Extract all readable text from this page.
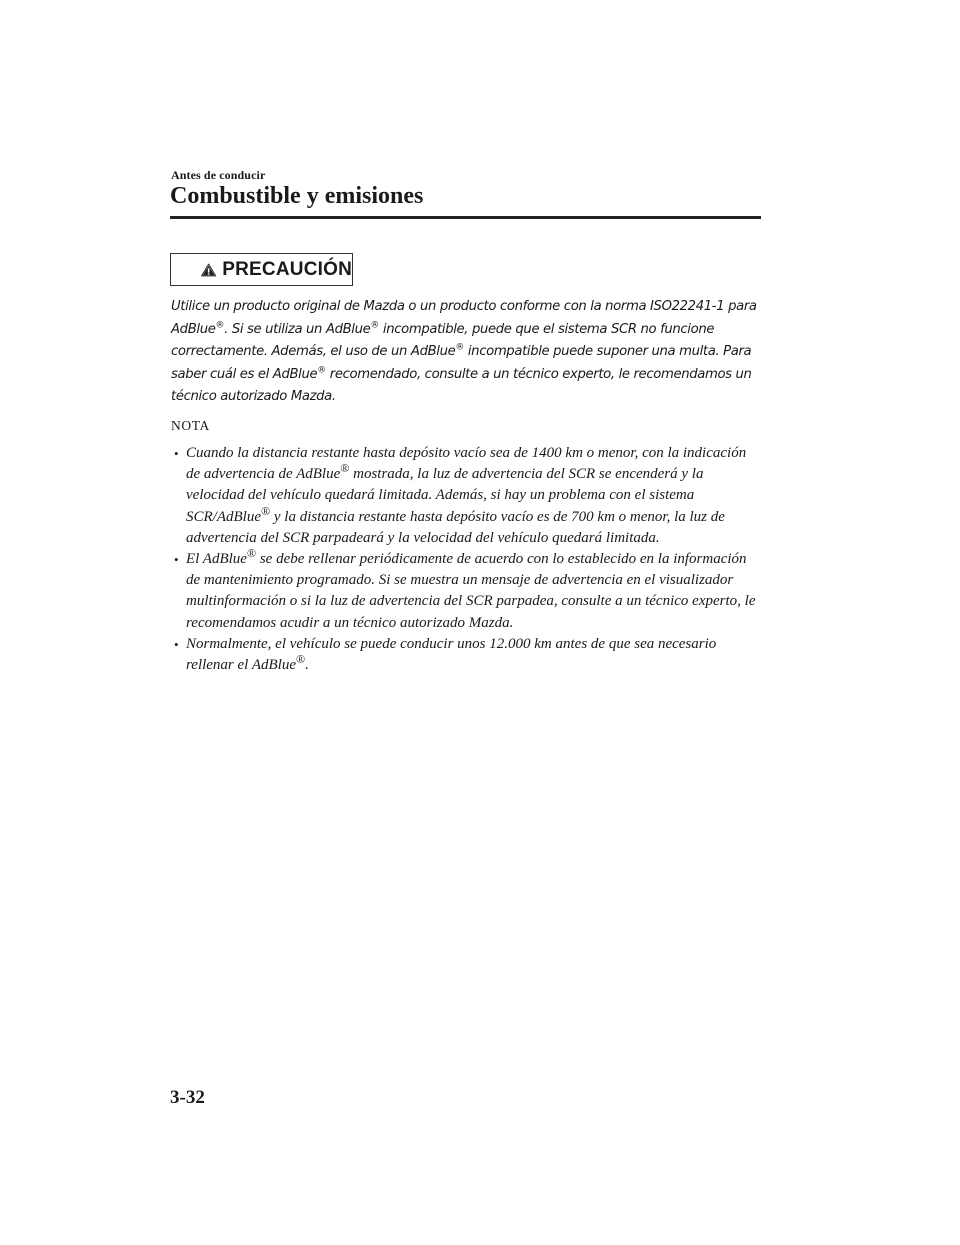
Antes de conducir
Combustible y emisiones
PRECAUCIÓN
Utilice un producto original de Mazda o un producto conforme con la norma ISO22241-1 para AdBlue®. Si se utiliza un AdBlue® incompatible, puede que el sistema SCR no funcione correctamente. Además, el uso de un AdBlue® incompatible puede suponer una multa. Para saber cuál es el AdBlue® recomendado, consulte a un técnico experto, le recomendamos un técnico autorizado Mazda.
NOTA
• Cuando la distancia restante hasta depósito vacío sea de 1400 km o menor, con la indicación de advertencia de AdBlue® mostrada, la luz de advertencia del SCR se encenderá y la velocidad del vehículo quedará limitada. Además, si hay un problema con el sistema SCR/AdBlue® y la distancia restante hasta depósito vacío es de 700 km o menor, la luz de advertencia del SCR parpadeará y la velocidad del vehículo quedará limitada.
• El AdBlue® se debe rellenar periódicamente de acuerdo con lo establecido en la información de mantenimiento programado. Si se muestra un mensaje de advertencia en el visualizador multinformación o si la luz de advertencia del SCR parpadea, consulte a un técnico experto, le recomendamos acudir a un técnico autorizado Mazda.
• Normalmente, el vehículo se puede conducir unos 12.000 km antes de que sea necesario rellenar el AdBlue®.
3-32
